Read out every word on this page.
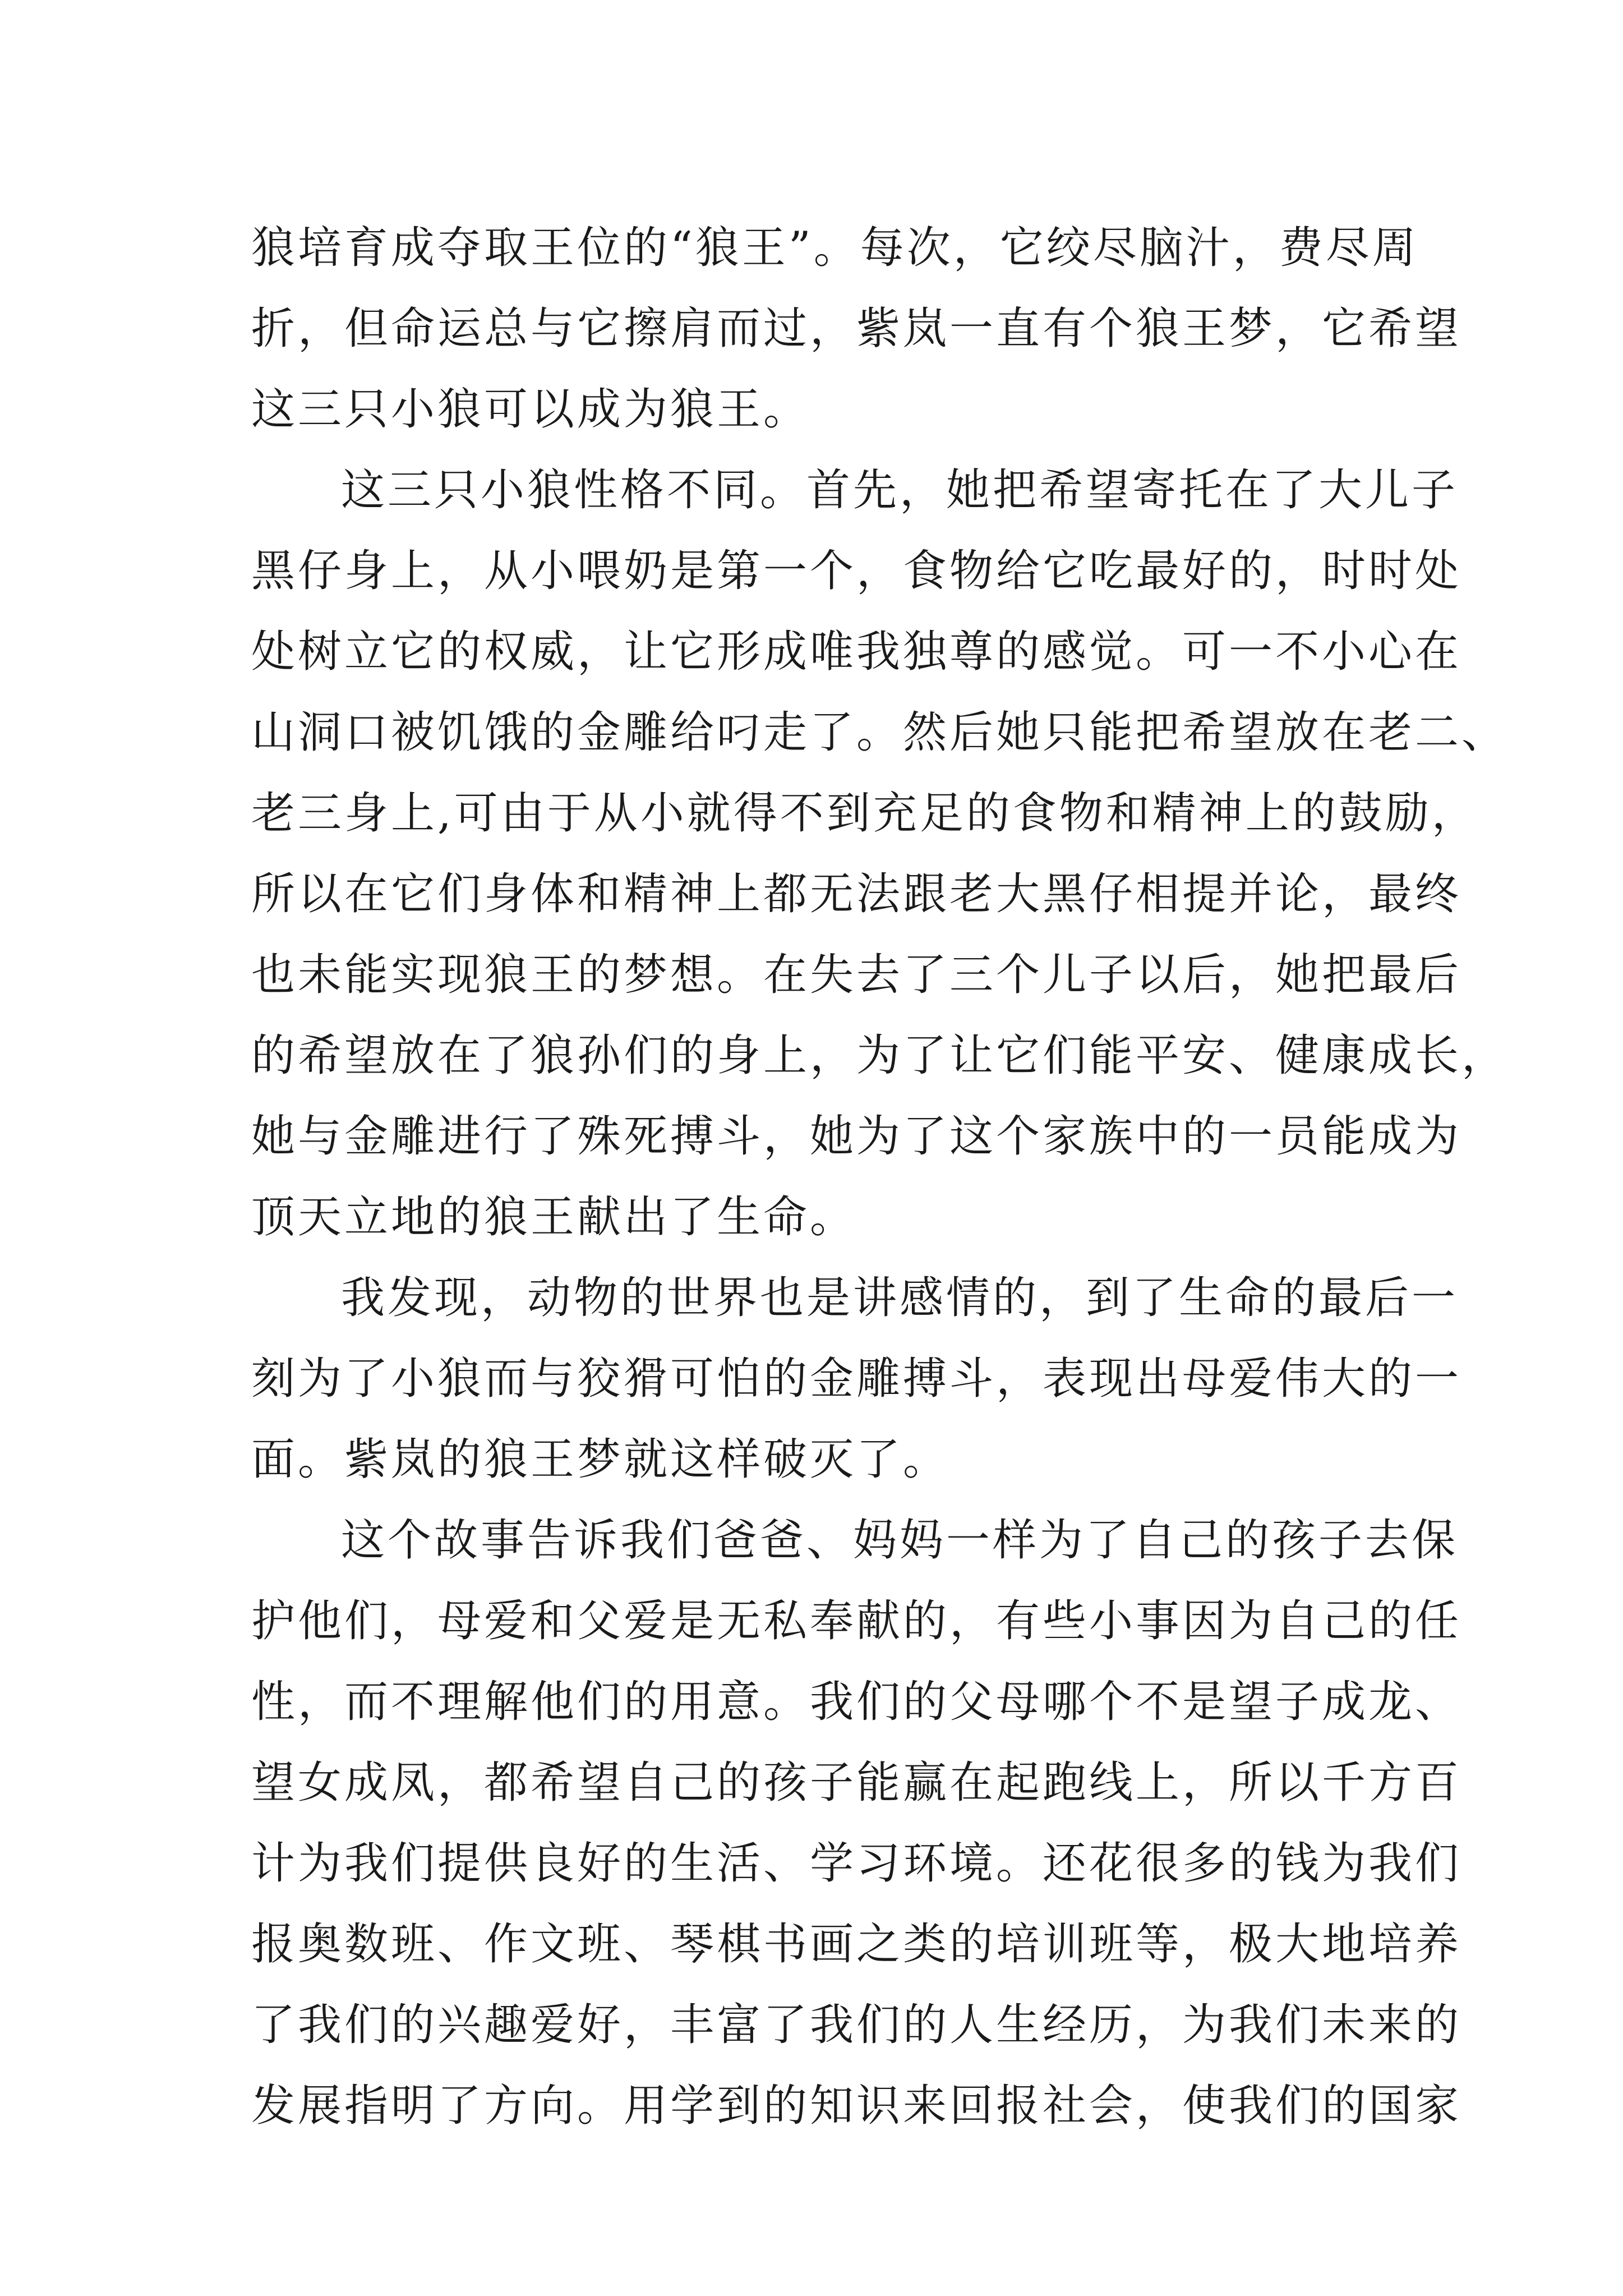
狼培育成夺取王位的“狼王”。每次，它绞尽脑汁，费尽周
折，但命运总与它擦肩而过，紫岚一直有个狼王梦，它希望
这三只小狼可以成为狼王。
这三只小狼性格不同。首先，她把希望寄托在了大儿子
黑仔身上，从小喂奶是第一个，食物给它吃最好的，时时处
处树立它的权威，让它形成唯我独尊的感觉。可一不小心在
山洞口被饥饿的金雕给叼走了。然后她只能把希望放在老二、
老三身上,可由于从小就得不到充足的食物和精神上的鼓励，
所以在它们身体和精神上都无法跟老大黑仔相提并论，最终
也未能实现狼王的梦想。在失去了三个儿子以后，她把最后
的希望放在了狼孙们的身上，为了让它们能平安、健康成长，
她与金雕进行了殊死搏斗，她为了这个家族中的一员能成为
顶天立地的狼王献出了生命。
我发现，动物的世界也是讲感情的，到了生命的最后一
刻为了小狼而与狡猾可怕的金雕搏斗，表现出母爱伟大的一
面。紫岚的狼王梦就这样破灭了。
这个故事告诉我们爸爸、妈妈一样为了自己的孩子去保
护他们，母爱和父爱是无私奉献的，有些小事因为自己的任
性，而不理解他们的用意。我们的父母哪个不是望子成龙、
望女成凤，都希望自己的孩子能赢在起跑线上，所以千方百
计为我们提供良好的生活、学习环境。还花很多的钱为我们
报奥数班、作文班、琴棋书画之类的培训班等，极大地培养
了我们的兴趣爱好，丰富了我们的人生经历，为我们未来的
发展指明了方向。用学到的知识来回报社会，使我们的国家
